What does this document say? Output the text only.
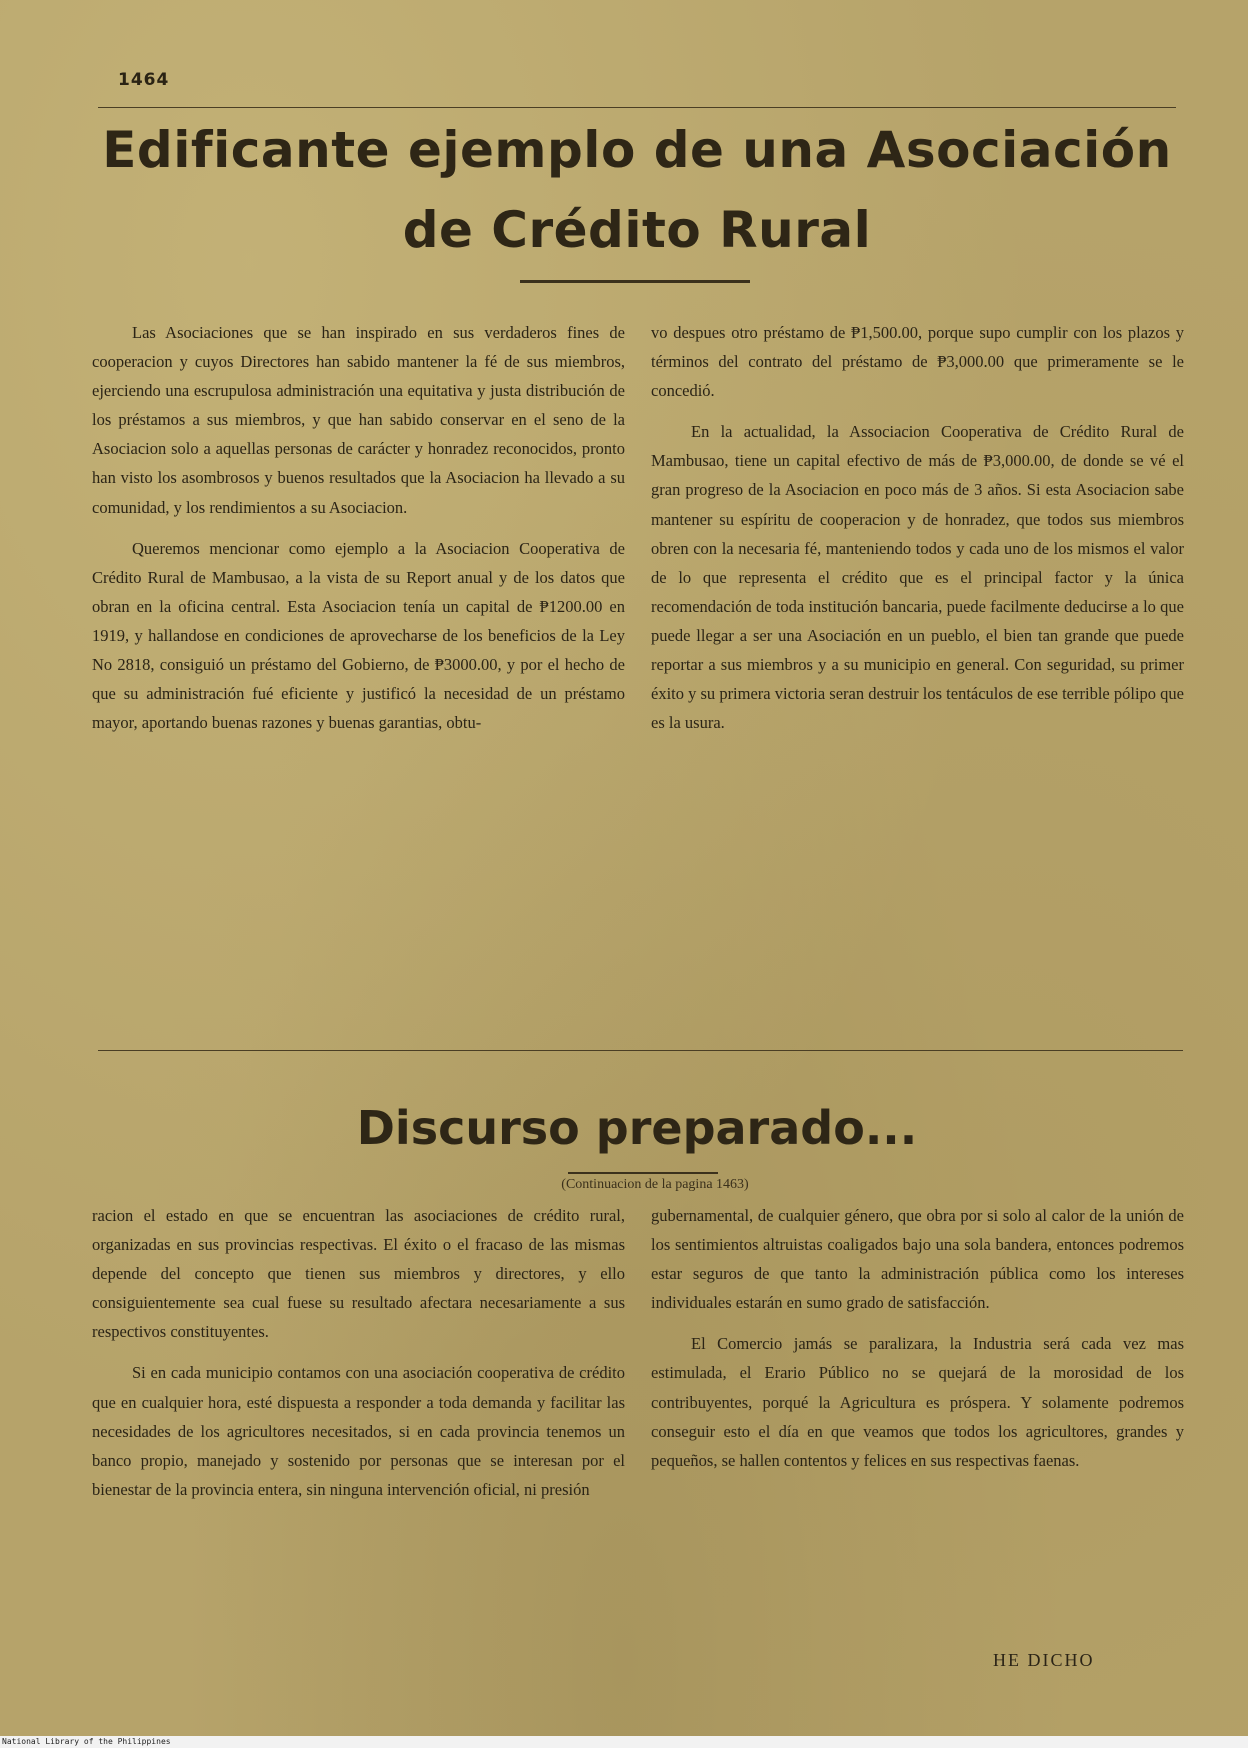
1464
Edificante ejemplo de una Asociación
de Crédito Rural

Las Asociaciones que se han inspirado en sus verdaderos fines de cooperacion y cuyos Directores han sabido mantener la fé de sus miembros, ejerciendo una escrupulosa administración una equitativa y justa distribución de los préstamos a sus miembros, y que han sabido conservar en el seno de la Asociacion solo a aquellas personas de carácter y honradez reconocidos, pronto han visto los asombrosos y buenos resultados que la Asociacion ha llevado a su comunidad, y los rendimientos a su Asociacion.

Queremos mencionar como ejemplo a la Asociacion Cooperativa de Crédito Rural de Mambusao, a la vista de su Report anual y de los datos que obran en la oficina central. Esta Asociacion tenía un capital de ₱1200.00 en 1919, y hallandose en condiciones de aprovecharse de los beneficios de la Ley No 2818, consiguió un préstamo del Gobierno, de ₱3000.00, y por el hecho de que su administración fué eficiente y justificó la necesidad de un préstamo mayor, aportando buenas razones y buenas garantias, obtu-

vo despues otro préstamo de ₱1,500.00, porque supo cumplir con los plazos y términos del contrato del préstamo de ₱3,000.00 que primeramente se le concedió.

En la actualidad, la Associacion Cooperativa de Crédito Rural de Mambusao, tiene un capital efectivo de más de ₱3,000.00, de donde se vé el gran progreso de la Asociacion en poco más de 3 años. Si esta Asociacion sabe mantener su espíritu de cooperacion y de honradez, que todos sus miembros obren con la necesaria fé, manteniendo todos y cada uno de los mismos el valor de lo que representa el crédito que es el principal factor y la única recomendación de toda institución bancaria, puede facilmente deducirse a lo que puede llegar a ser una Asociación en un pueblo, el bien tan grande que puede reportar a sus miembros y a su municipio en general. Con seguridad, su primer éxito y su primera victoria seran destruir los tentáculos de ese terrible pólipo que es la usura.

Discurso preparado...
(Continuacion de la pagina 1463)

racion el estado en que se encuentran las asociaciones de crédito rural, organizadas en sus provincias respectivas. El éxito o el fracaso de las mismas depende del concepto que tienen sus miembros y directores, y ello consiguientemente sea cual fuese su resultado afectara necesariamente a sus respectivos constituyentes.

Si en cada municipio contamos con una asociación cooperativa de crédito que en cualquier hora, esté dispuesta a responder a toda demanda y facilitar las necesidades de los agricultores necesitados, si en cada provincia tenemos un banco propio, manejado y sostenido por personas que se interesan por el bienestar de la provincia entera, sin ninguna intervención oficial, ni presión

gubernamental, de cualquier género, que obra por si solo al calor de la unión de los sentimientos altruistas coaligados bajo una sola bandera, entonces podremos estar seguros de que tanto la administración pública como los intereses individuales estarán en sumo grado de satisfacción.

El Comercio jamás se paralizara, la Industria será cada vez mas estimulada, el Erario Público no se quejará de la morosidad de los contribuyentes, porqué la Agricultura es próspera. Y solamente podremos conseguir esto el día en que veamos que todos los agricultores, grandes y pequeños, se hallen contentos y felices en sus respectivas faenas.

HE DICHO
National Library of the Philippines
